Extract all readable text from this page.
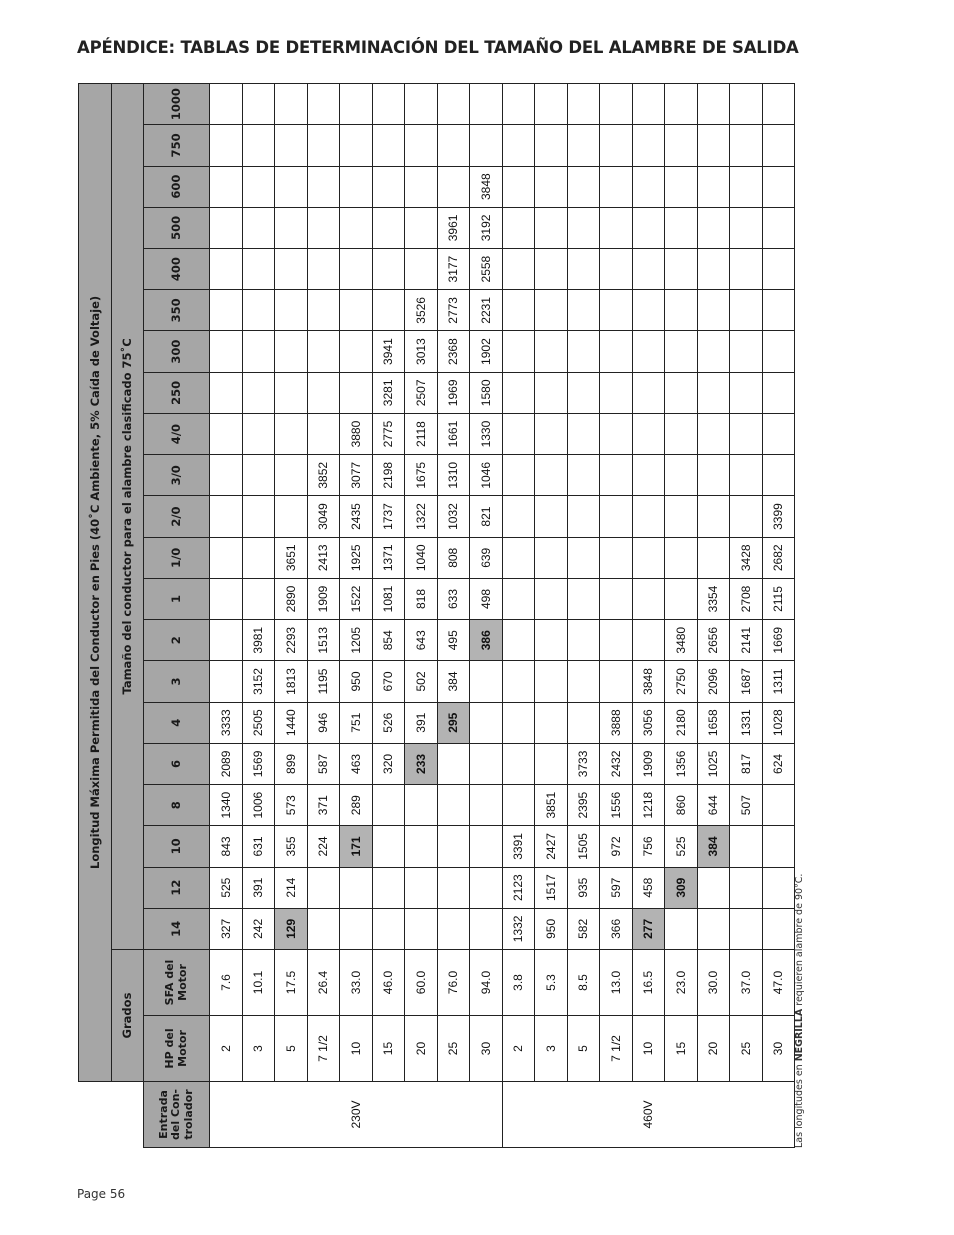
APÉNDICE: TABLAS DE DETERMINACIÓN DEL TAMAÑO DEL ALAMBRE DE SALIDA
	Longitud Máxima Permitida del Conductor en Pies (40˚C Ambiente, 5% Caída de Voltaje)																						
	Grados		Tamaño del conductor para el alambre clasificado 75˚C																				
Entrada del Con-trolador	HP del Motor	SFA del Motor	14	12	10	8	6	4	3	2	1	1/0	2/0	3/0	4/0	250	300	350	400	500	600	750	1000
230V	2	7.6	327	525	843	1340	2089	3333															
	3	10.1	242	391	631	1006	1569	2505	3152	3981													
	5	17.5	129	214	355	573	899	1440	1813	2293	2890	3651											
	7 1/2	26.4			224	371	587	946	1195	1513	1909	2413	3049	3852									
	10	33.0			171	289	463	751	950	1205	1522	1925	2435	3077	3880								
	15	46.0					320	526	670	854	1081	1371	1737	2198	2775	3281	3941						
	20	60.0					233	391	502	643	818	1040	1322	1675	2118	2507	3013	3526					
	25	76.0						295	384	495	633	808	1032	1310	1661	1969	2368	2773	3177	3961			
	30	94.0								386	498	639	821	1046	1330	1580	1902	2231	2558	3192	3848		
460V	2	3.8	1332	2123	3391																		
	3	5.3	950	1517	2427	3851																	
	5	8.5	582	935	1505	2395	3733																
	7 1/2	13.0	366	597	972	1556	2432	3888															
	10	16.5	277	458	756	1218	1909	3056	3848														
	15	23.0		309	525	860	1356	2180	2750	3480													
	20	30.0			384	644	1025	1658	2096	2656	3354												
	25	37.0				507	817	1331	1687	2141	2708	3428											
	30	47.0					624	1028	1311	1669	2115	2682	3399										
Las longitudes en NEGRILLA requieren alambre de 90°C.
Page 56
